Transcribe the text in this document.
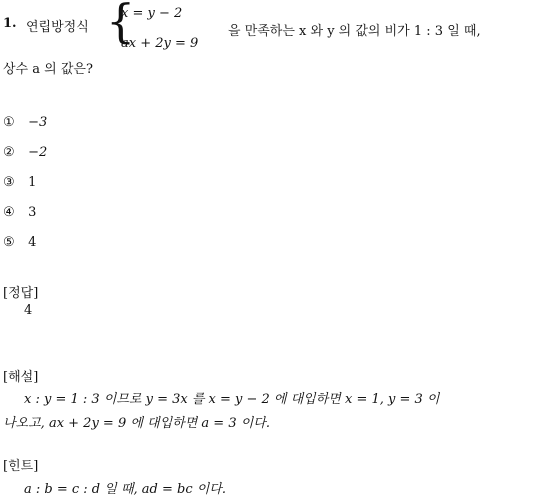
1. 연립방정식 {
x = y − 2
ax + 2y = 9
을 만족하는 x 와 y 의 값의 비가 1 : 3 일 때,
상수 a 의 값은?
① −3
② −2
③ 1
④ 3
⑤ 4
[정답]
4
[해설]
x : y = 1 : 3 이므로 y = 3x 를 x = y − 2 에 대입하면 x = 1, y = 3 이
나오고, ax + 2y = 9 에 대입하면 a = 3 이다.
[힌트]
a : b = c : d 일 때, ad = bc 이다.
